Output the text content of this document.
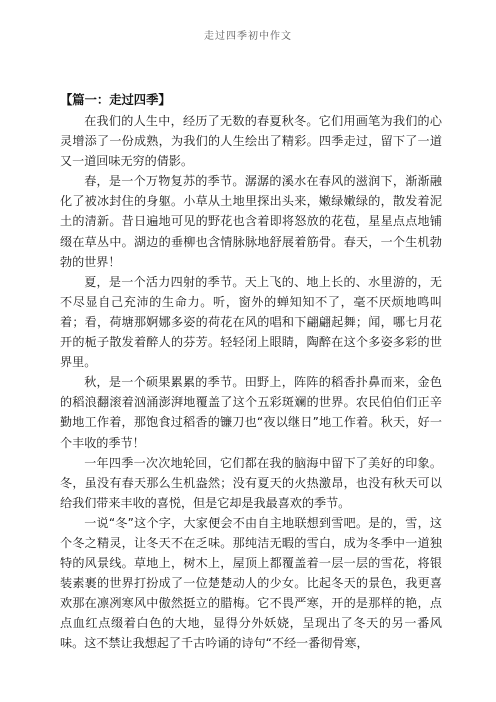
走过四季初中作文
【篇一：走过四季】

在我们的人生中，经历了无数的春夏秋冬。它们用画笔为我们的心灵增添了一份成熟，为我们的人生绘出了精彩。四季走过，留下了一道又一道回味无穷的倩影。

春，是一个万物复苏的季节。潺潺的溪水在春风的滋润下，渐渐融化了被冰封住的身躯。小草从土地里探出头来，嫩绿嫩绿的，散发着泥土的清新。昔日遍地可见的野花也含着即将怒放的花苞，星星点点地铺缀在草丛中。湖边的垂柳也含情脉脉地舒展着筋骨。春天，一个生机勃勃的世界！

夏，是一个活力四射的季节。天上飞的、地上长的、水里游的，无不尽显自己充沛的生命力。听，窗外的蝉知知不了，毫不厌烦地鸣叫着；看，荷塘那婀娜多姿的荷花在风的唱和下翩翩起舞；闻，哪七月花开的栀子散发着醉人的芬芳。轻轻闭上眼睛，陶醉在这个多姿多彩的世界里。

秋，是一个硕果累累的季节。田野上，阵阵的稻香扑鼻而来，金色的稻浪翻滚着汹涌澎湃地覆盖了这个五彩斑斓的世界。农民伯伯们正辛勤地工作着，那饱食过稻香的镰刀也“夜以继日”地工作着。秋天，好一个丰收的季节！

一年四季一次次地轮回，它们都在我的脑海中留下了美好的印象。冬，虽没有春天那么生机盎然；没有夏天的火热激昂，也没有秋天可以给我们带来丰收的喜悦，但是它却是我最喜欢的季节。

一说“冬”这个字，大家便会不由自主地联想到雪吧。是的，雪，这个冬之精灵，让冬天不在乏味。那纯洁无暇的雪白，成为冬季中一道独特的风景线。草地上，树木上，屋顶上都覆盖着一层一层的雪花，将银装素裹的世界打扮成了一位楚楚动人的少女。比起冬天的景色，我更喜欢那在凛冽寒风中傲然挺立的腊梅。它不畏严寒，开的是那样的艳，点点血红点缀着白色的大地，显得分外妖娆，呈现出了冬天的另一番风味。这不禁让我想起了千古吟诵的诗句“不经一番彻骨寒，
